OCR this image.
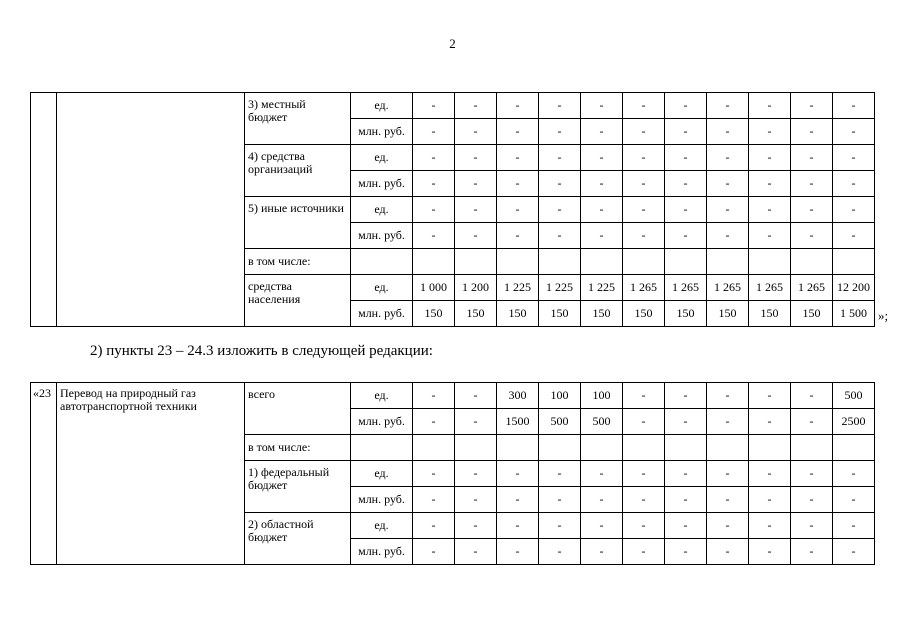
2
		3) местный бюджет	ед.	-	-	-	-	-	-	-	-	-	-	-
			млн. руб.	-	-	-	-	-	-	-	-	-	-	-
		4) средства организаций	ед.	-	-	-	-	-	-	-	-	-	-	-
			млн. руб.	-	-	-	-	-	-	-	-	-	-	-
		5) иные источники	ед.	-	-	-	-	-	-	-	-	-	-	-
			млн. руб.	-	-	-	-	-	-	-	-	-	-	-
		в том числе:												
		средства населения	ед.	1 000	1 200	1 225	1 225	1 225	1 265	1 265	1 265	1 265	1 265	12 200
			млн. руб.	150	150	150	150	150	150	150	150	150	150	1 500 »;
2) пункты 23 – 24.3 изложить в следующей редакции:
«23	Перевод на природный газ автотранспортной техники	всего	ед.	-	-	300	100	100	-	-	-	-	-	500
			млн. руб.	-	-	1500	500	500	-	-	-	-	-	2500
		в том числе:												
		1) федеральный бюджет	ед.	-	-	-	-	-	-	-	-	-	-	-
			млн. руб.	-	-	-	-	-	-	-	-	-	-	-
		2) областной бюджет	ед.	-	-	-	-	-	-	-	-	-	-	-
			млн. руб.	-	-	-	-	-	-	-	-	-	-	-
